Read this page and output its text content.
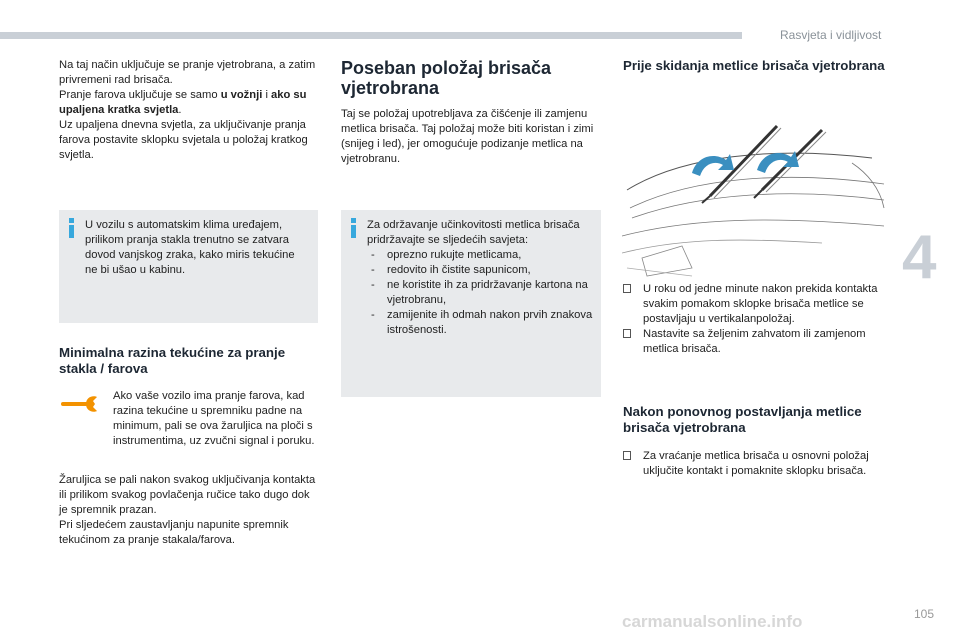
Rasvjeta i vidljivost
4

Na taj način uključuje se pranje vjetrobrana, a zatim privremeni rad brisača.

Pranje farova uključuje se samo u vožnji i ako su upaljena kratka svjetla.

Uz upaljena dnevna svjetla, za uključivanje pranja farova postavite sklopku svjetala u položaj kratkog svjetla.

U vozilu s automatskim klima uređajem, prilikom pranja stakla trenutno se zatvara dovod vanjskog zraka, kako miris tekućine ne bi ušao u kabinu.
Minimalna razina tekućine za pranje stakla / farova
Ako vaše vozilo ima pranje farova, kad razina tekućine u spremniku padne na minimum, pali se ova žaruljica na ploči s instrumentima, uz zvučni signal i poruku.

Žaruljica se pali nakon svakog uključivanja kontakta ili prilikom svakog povlačenja ručice tako dugo dok je spremnik prazan.

Pri sljedećem zaustavljanju napunite spremnik tekućinom za pranje stakala/farova.

Poseban položaj brisača vjetrobrana
Taj se položaj upotrebljava za čišćenje ili zamjenu metlica brisača. Taj položaj može biti koristan i zimi (snijeg i led), jer omogućuje podizanje metlica na vjetrobranu.

Za održavanje učinkovitosti metlica brisača pridržavajte se sljedećih savjeta:

- oprezno rukujte metlicama,
- redovito ih čistite sapunicom,
- ne koristite ih za pridržavanje kartona na vjetrobranu,
- zamijenite ih odmah nakon prvih znakova istrošenosti.
Prije skidanja metlice brisača vjetrobrana
U roku od jedne minute nakon prekida kontakta svakim pomakom sklopke brisača metlice se postavljaju u vertikalanpoložaj.
Nastavite sa željenim zahvatom ili zamjenom metlica brisača.
Nakon ponovnog postavljanja metlice brisača vjetrobrana
Za vraćanje metlica brisača u osnovni položaj uključite kontakt i pomaknite sklopku brisača.
105
carmanualsonline.info
